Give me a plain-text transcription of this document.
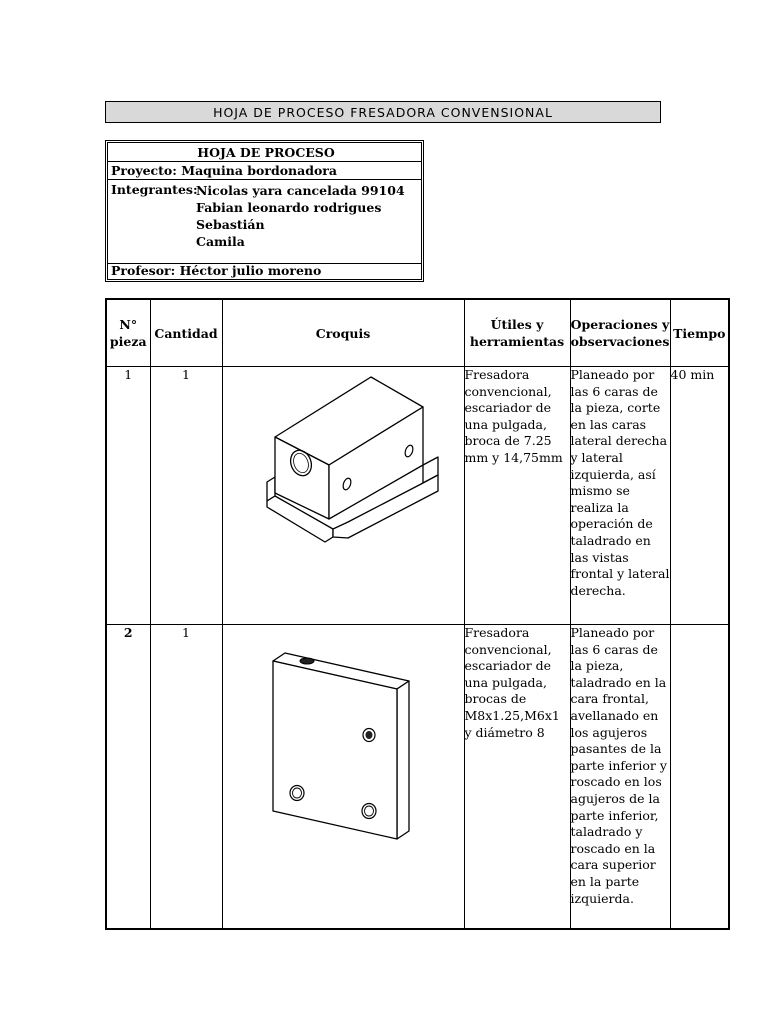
HOJA DE PROCESO FRESADORA CONVENSIONAL
HOJA DE PROCESO
Proyecto: Maquina bordonadora
Integrantes:
Nicolas yara cancelada 99104
Fabian leonardo rodrigues
Sebastián
Camila
Profesor: Héctor julio moreno
N° pieza	Cantidad	Croquis	Útiles y herramientas	Operaciones y observaciones	Tiempo
1	1		Fresadora convencional, escariador de una pulgada, broca de 7.25 mm y 14,75mm	Planeado por las 6 caras de la pieza, corte en las caras lateral derecha y lateral izquierda, así mismo se realiza la operación de taladrado en las vistas frontal y lateral derecha.	40 min
2	1		Fresadora convencional, escariador de una pulgada, brocas de M8x1.25,M6x1 y diámetro 8	Planeado por las 6 caras de la pieza, taladrado en la cara frontal, avellanado en los agujeros pasantes de la parte inferior y roscado en los agujeros de la parte inferior, taladrado y roscado en la cara superior en la parte izquierda.	
